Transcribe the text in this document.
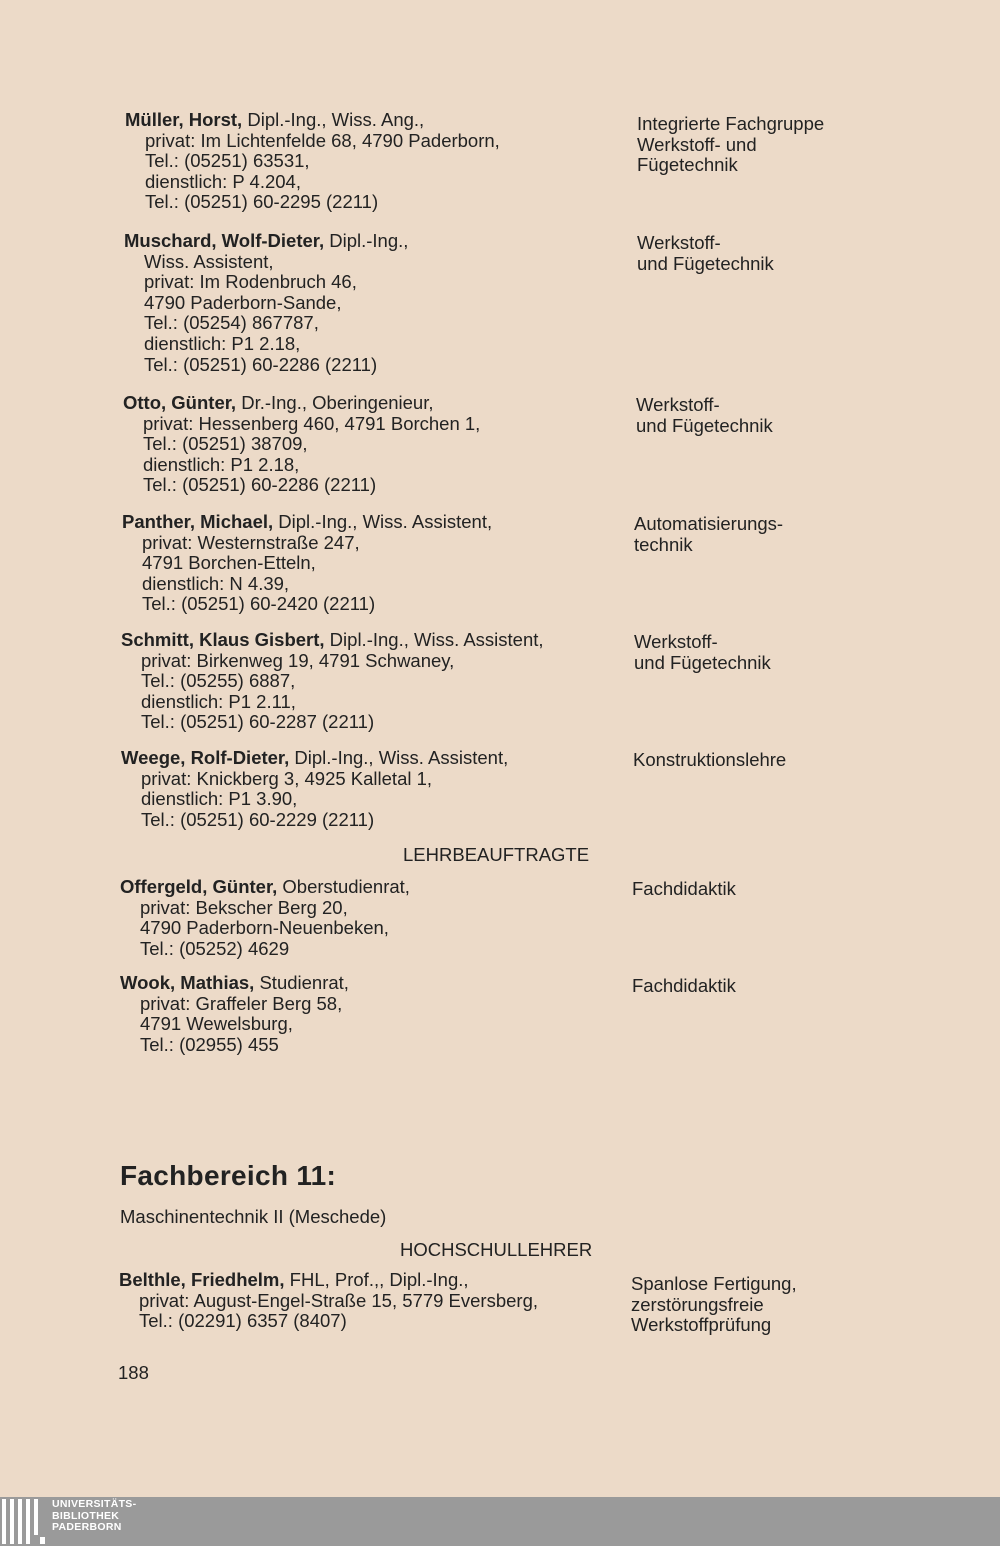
Müller, Horst, Dipl.-Ing., Wiss. Ang.,
privat: Im Lichtenfelde 68, 4790 Paderborn,
Tel.: (05251) 63531,
dienstlich: P 4.204,
Tel.: (05251) 60-2295 (2211)
Integrierte Fachgruppe
Werkstoff- und
Fügetechnik
Muschard, Wolf-Dieter, Dipl.-Ing.,
Wiss. Assistent,
privat: Im Rodenbruch 46,
4790 Paderborn-Sande,
Tel.: (05254) 867787,
dienstlich: P1 2.18,
Tel.: (05251) 60-2286 (2211)
Werkstoff-
und Fügetechnik
Otto, Günter, Dr.-Ing., Oberingenieur,
privat: Hessenberg 460, 4791 Borchen 1,
Tel.: (05251) 38709,
dienstlich: P1 2.18,
Tel.: (05251) 60-2286 (2211)
Werkstoff-
und Fügetechnik
Panther, Michael, Dipl.-Ing., Wiss. Assistent,
privat: Westernstraße 247,
4791 Borchen-Etteln,
dienstlich: N 4.39,
Tel.: (05251) 60-2420 (2211)
Automatisierungs-
technik
Schmitt, Klaus Gisbert, Dipl.-Ing., Wiss. Assistent,
privat: Birkenweg 19, 4791 Schwaney,
Tel.: (05255) 6887,
dienstlich: P1 2.11,
Tel.: (05251) 60-2287 (2211)
Werkstoff-
und Fügetechnik
Weege, Rolf-Dieter, Dipl.-Ing., Wiss. Assistent,
privat: Knickberg 3, 4925 Kalletal 1,
dienstlich: P1 3.90,
Tel.: (05251) 60-2229 (2211)
Konstruktionslehre
LEHRBEAUFTRAGTE
Offergeld, Günter, Oberstudienrat,
privat: Bekscher Berg 20,
4790 Paderborn-Neuenbeken,
Tel.: (05252) 4629
Fachdidaktik
Wook, Mathias, Studienrat,
privat: Graffeler Berg 58,
4791 Wewelsburg,
Tel.: (02955) 455
Fachdidaktik
Fachbereich 11:
Maschinentechnik II (Meschede)
HOCHSCHULLEHRER
Belthle, Friedhelm, FHL, Prof.,, Dipl.-Ing.,
privat: August-Engel-Straße 15, 5779 Eversberg,
Tel.: (02291) 6357 (8407)
Spanlose Fertigung,
zerstörungsfreie
Werkstoffprüfung
188
UNIVERSITÄTS-
BIBLIOTHEK
PADERBORN
